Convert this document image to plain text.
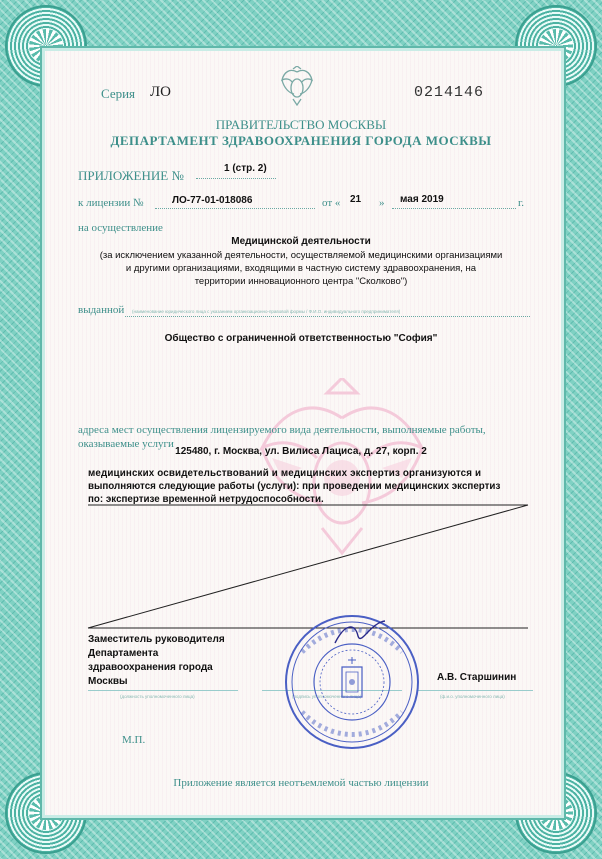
Серия ЛО	0214146
ПРАВИТЕЛЬСТВО МОСКВЫ
ДЕПАРТАМЕНТ ЗДРАВООХРАНЕНИЯ ГОРОДА МОСКВЫ
ПРИЛОЖЕНИЕ №	1 (стр. 2)
к лицензии №	ЛО-77-01-018086	от « 21 » мая 2019	г.
на осуществление
Медицинской деятельности
(за исключением указанной деятельности, осуществляемой медицинскими организациями
и другими организациями, входящими в частную систему здравоохранения, на
территории инновационного центра "Сколково")
выданной (наименование юридического лица с указанием организационно-правовой формы / Ф.И.О. индивидуального предпринимателя)
Общество с ограниченной ответственностью "София"
адреса мест осуществления лицензируемого вида деятельности, выполняемые работы,
оказываемые услуги
125480, г. Москва, ул. Вилиса Лациса, д. 27, корп. 2
медицинских освидетельствований и медицинских экспертиз организуются и
выполняются следующие работы (услуги): при проведении медицинских экспертиз
по: экспертизе временной нетрудоспособности.
Заместитель руководителя
Департамента
здравоохранения города
Москвы	А.В. Старшинин
(должность уполномоченного лица)	(подпись уполномоченного лица)	(ф.и.о. уполномоченного лица)
М.П.
Приложение является неотъемлемой частью лицензии
